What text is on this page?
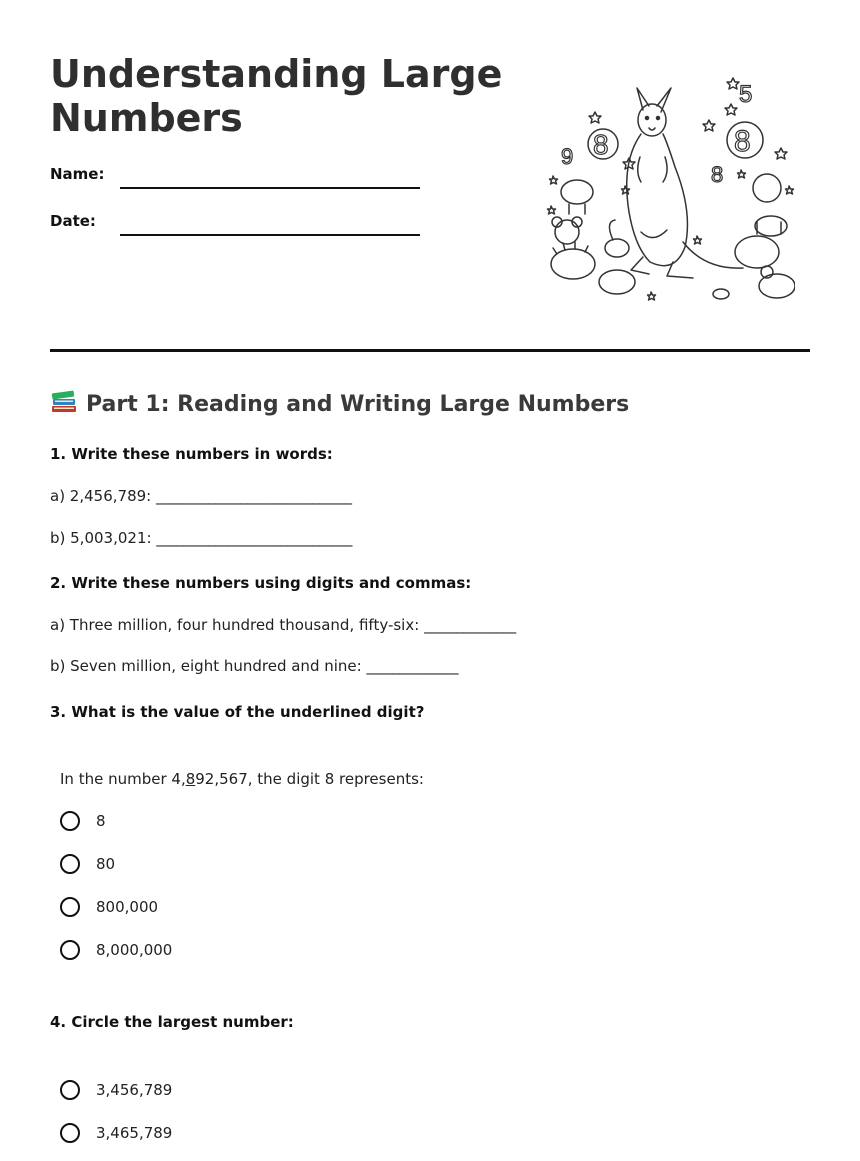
Understanding Large Numbers
Name:
Date:
5
8	8
8
9
Part 1: Reading and Writing Large Numbers
1. Write these numbers in words:
a) 2,456,789: ______________________________
b) 5,003,021: ______________________________
2. Write these numbers using digits and commas:
a) Three million, four hundred thousand, fifty-six: ______________
b) Seven million, eight hundred and nine: ______________
3. What is the value of the underlined digit?
In the number 4,892,567, the digit 8 represents:
8
80
800,000
8,000,000
4. Circle the largest number:
3,456,789
3,465,789
